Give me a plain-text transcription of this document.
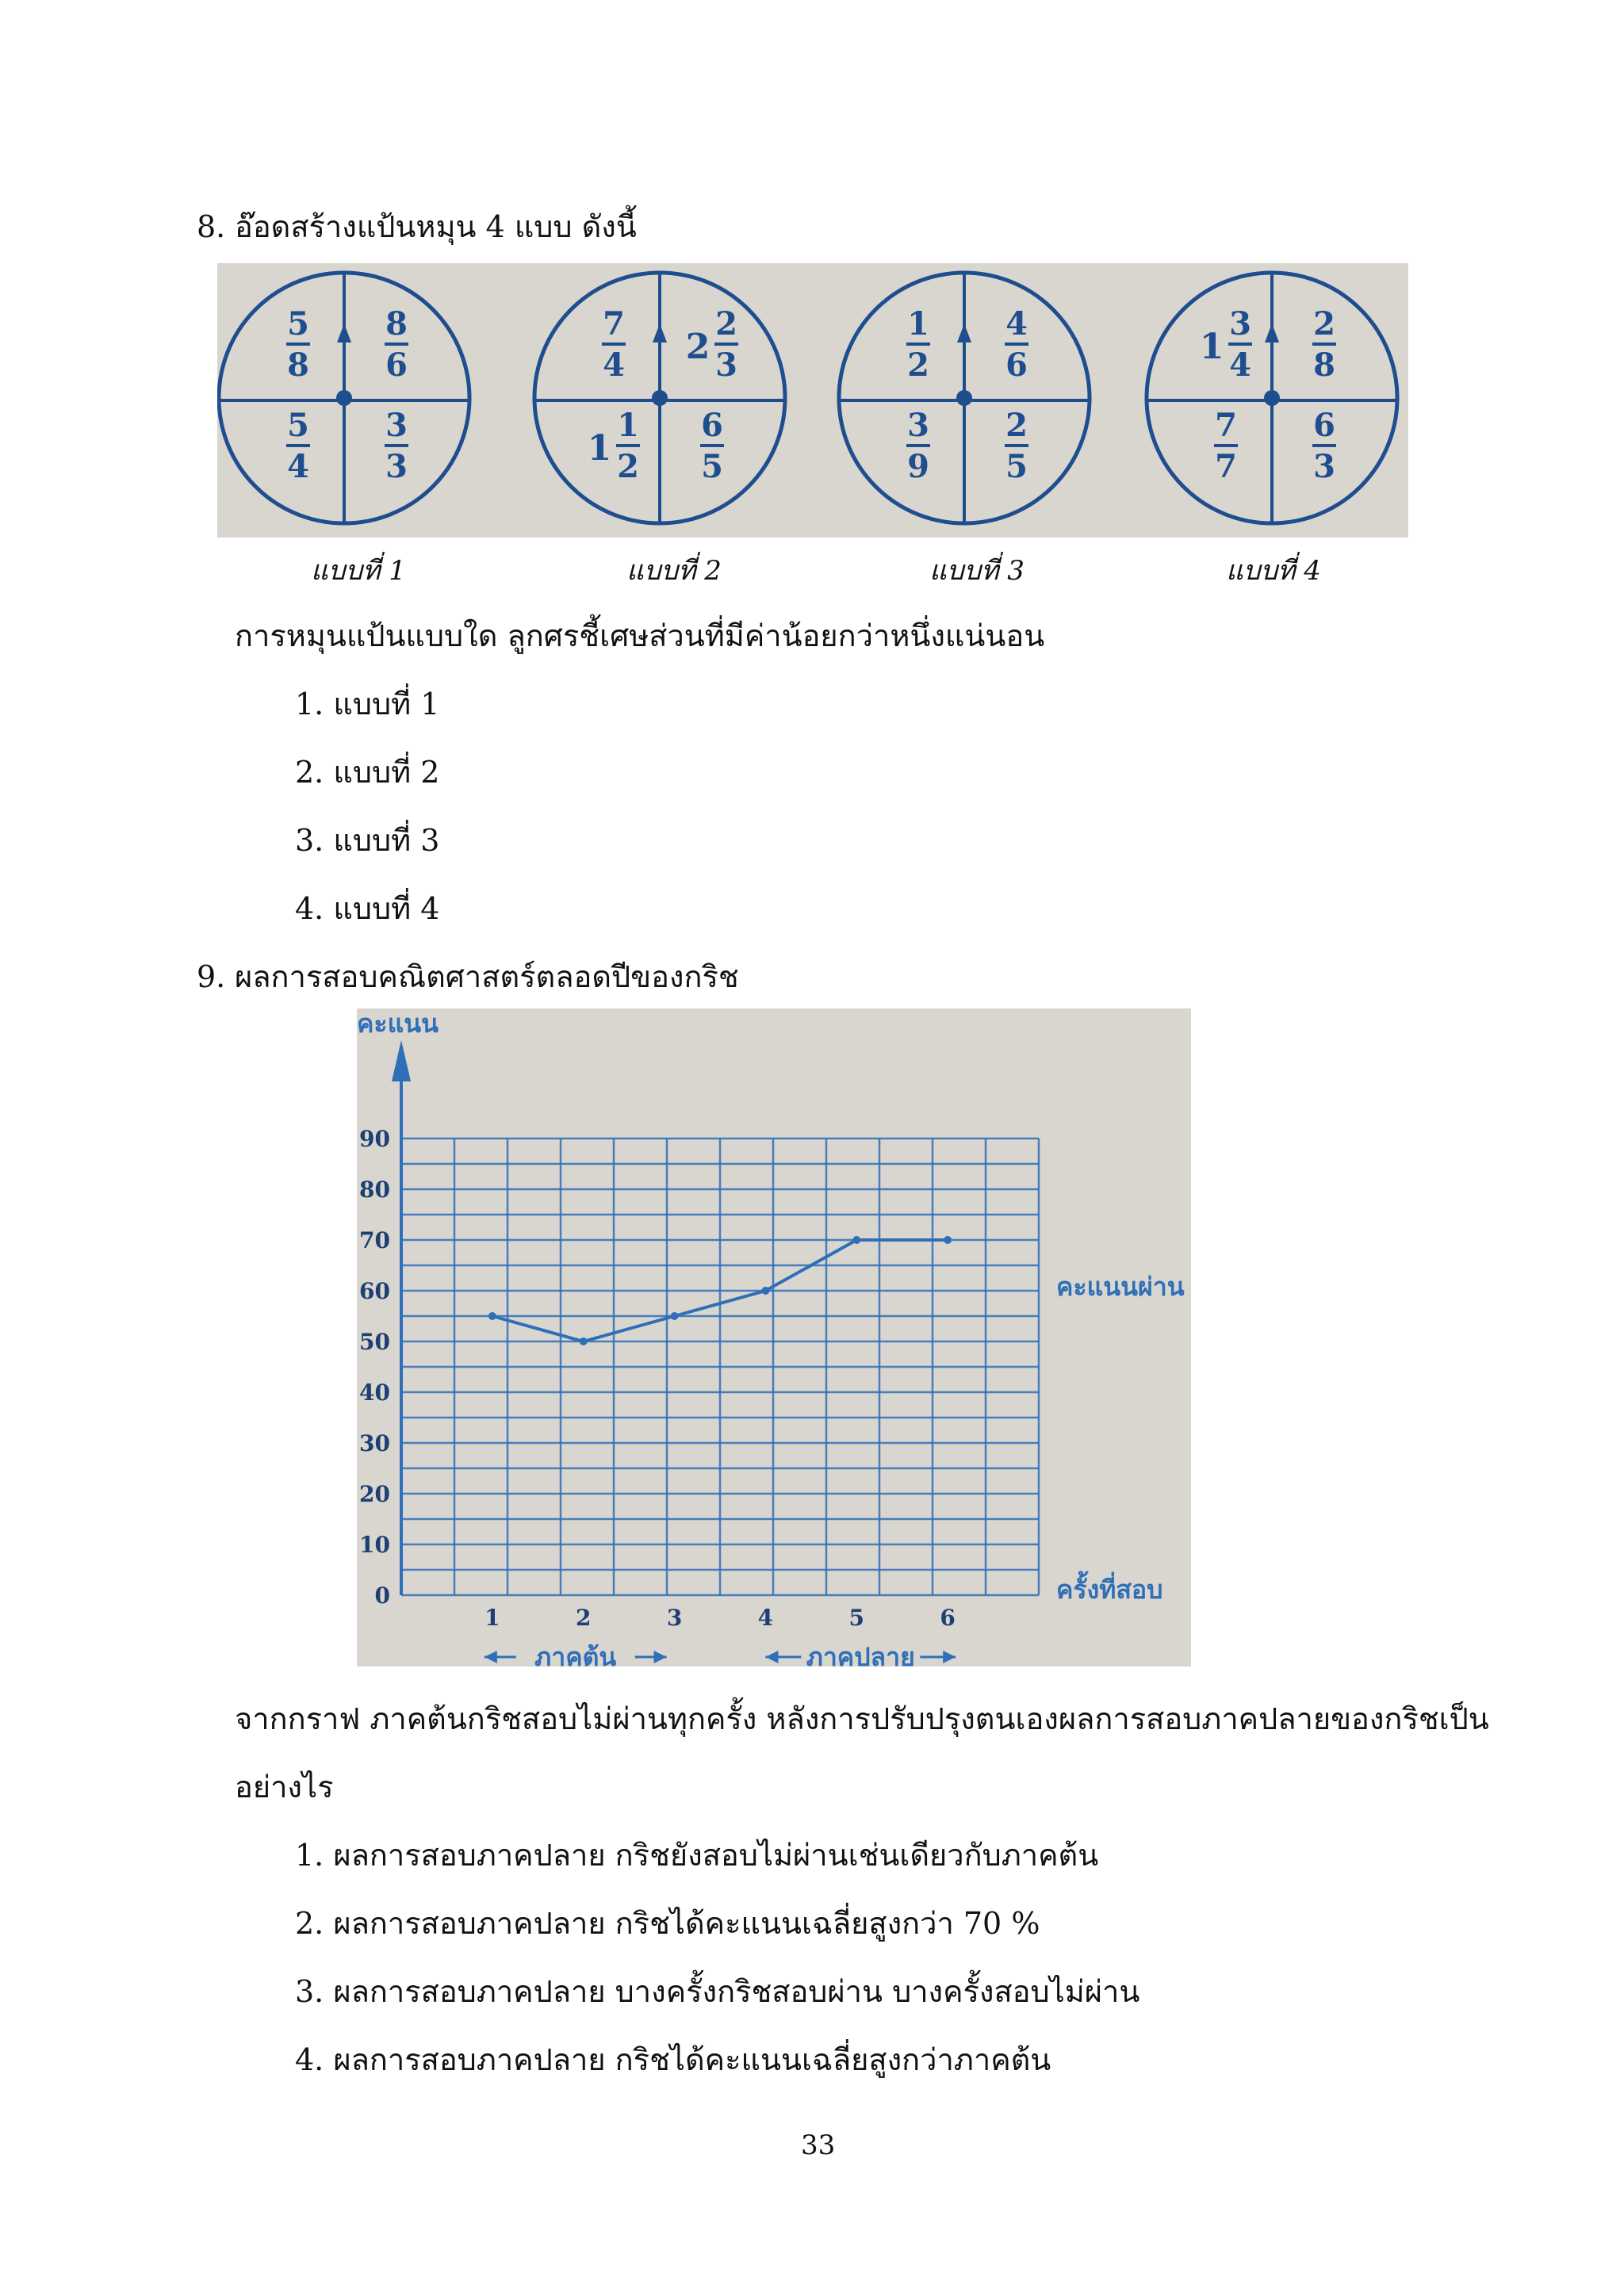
8. อ๊อดสร้างแป้นหมุน 4 แบบ ดังนี้
5
8
8
6
5
4
3
3
7
4 2
2
3
1
1
2
6
5
1
2
4
6
3
9
2
5
1
3
4
2
8
7
7
6
3
แบบที่ 1	แบบที่ 2	แบบที่ 3	แบบที่ 4
การหมุนแป้นแบบใด ลูกศรชี้เศษส่วนที่มีค่าน้อยกว่าหนึ่งแน่นอน
1. แบบที่ 1
2. แบบที่ 2
3. แบบที่ 3
4. แบบที่ 4
9. ผลการสอบคณิตศาสตร์ตลอดปีของกริช
คะแนน
0
10
20
30
40
50
60
70
80
90
1	2	3	4	5	6
ครั้งที่สอบ
คะแนนผ่าน
ภาคต้น	ภาคปลาย
จากกราฟ ภาคต้นกริชสอบไม่ผ่านทุกครั้ง หลังการปรับปรุงตนเองผลการสอบภาคปลายของกริชเป็น
อย่างไร
1. ผลการสอบภาคปลาย กริชยังสอบไม่ผ่านเช่นเดียวกับภาคต้น
2. ผลการสอบภาคปลาย กริชได้คะแนนเฉลี่ยสูงกว่า 70 %
3. ผลการสอบภาคปลาย บางครั้งกริชสอบผ่าน บางครั้งสอบไม่ผ่าน
4. ผลการสอบภาคปลาย กริชได้คะแนนเฉลี่ยสูงกว่าภาคต้น
33
